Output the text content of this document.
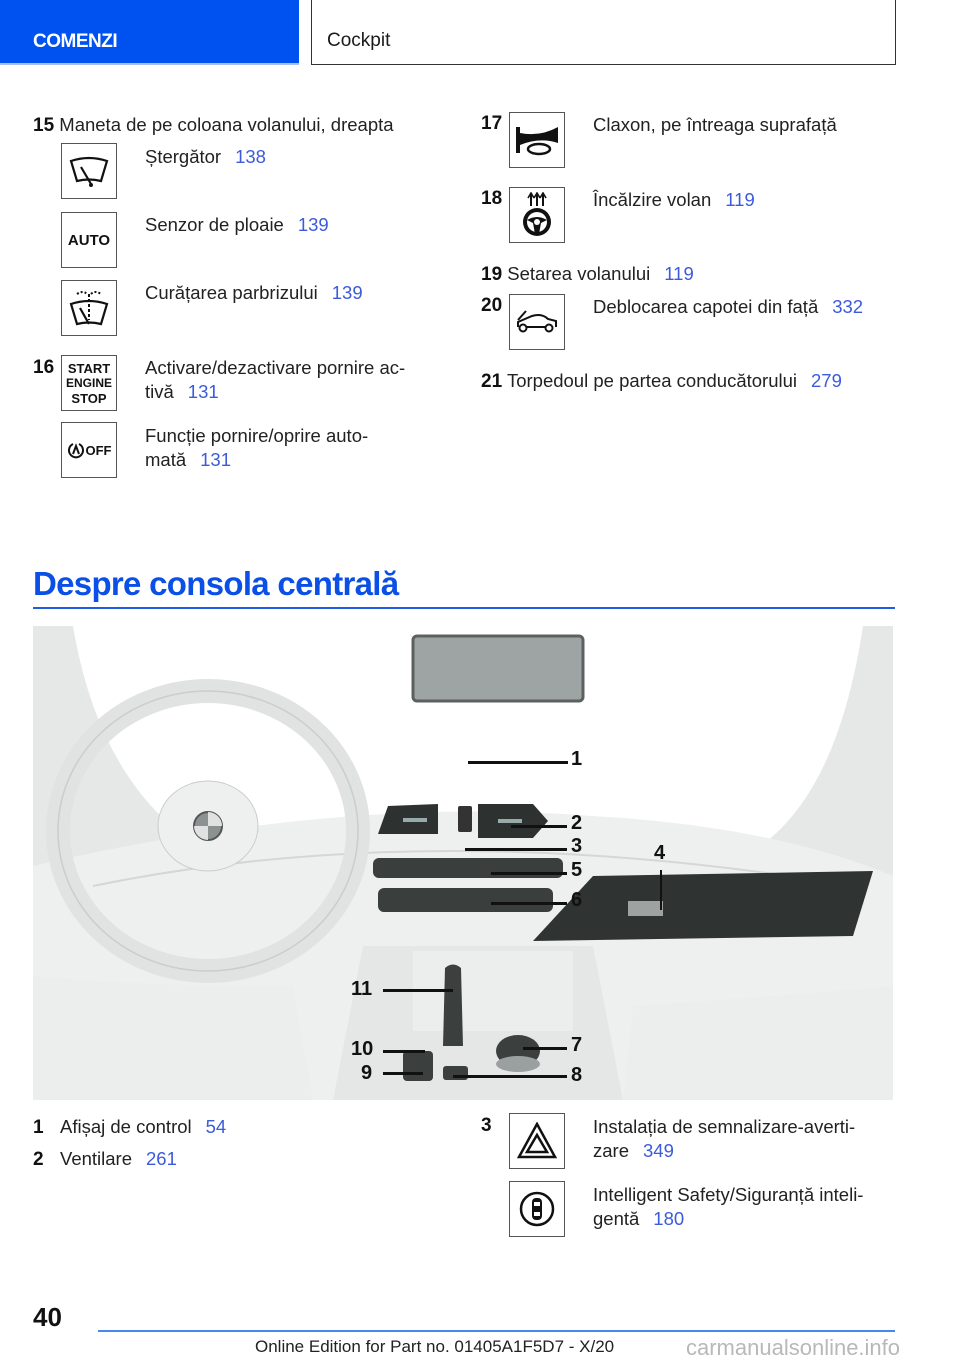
COMENZI	Cockpit
15 Maneta de pe coloana volanului, dreapta
Ștergător 138
AUTO
Senzor de ploaie 139
Curățarea parbrizului 139
16 START
ENGINE
STOP
Activare/dezactivare pornire ac-
tivă 131
OFF
Funcție pornire/oprire auto-
mată 131
17	Claxon, pe întreaga suprafață
18	Încălzire volan 119
19 Setarea volanului 119
20	Deblocarea capotei din față 332
21 Torpedoul pe partea conducătorului 279
Despre consola centrală
1
2
3	4
5
6
7
8
9
10
11
1 Afișaj de control 54
2 Ventilare 261
3	Instalația de semnalizare-averti-
zare 349
Intelligent Safety/Siguranță inteli-
gentă 180
40
Online Edition for Part no. 01405A1F5D7 - X/20	carmanualsonline.info
